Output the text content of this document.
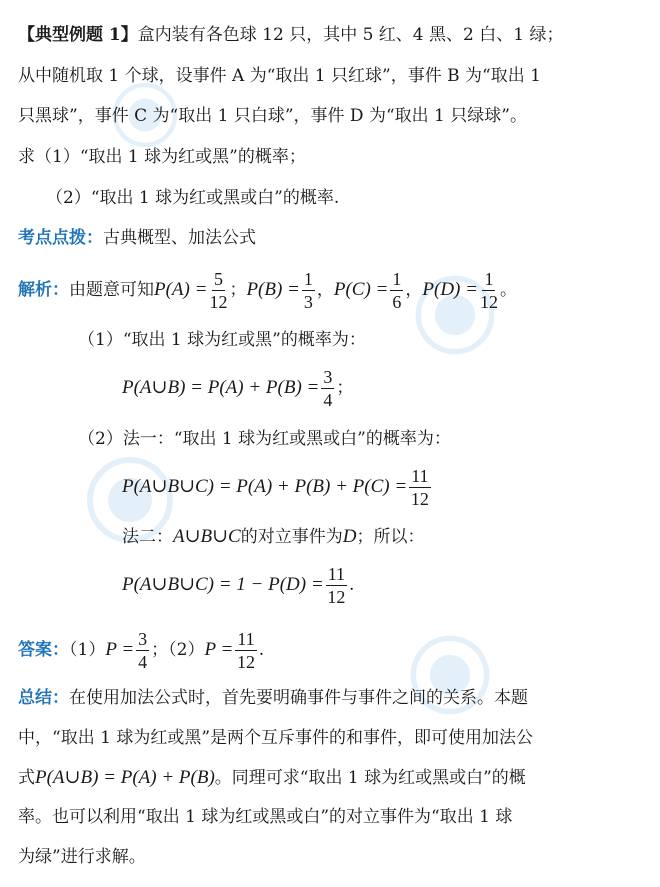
【典型例题 1】盒内装有各色球 12 只，其中 5 红、4 黑、2 白、1 绿；
从中随机取 1 个球，设事件 A 为“取出 1 只红球”，事件 B 为“取出 1
只黑球”，事件 C 为“取出 1 只白球”，事件 D 为“取出 1 只绿球”。
求（1）“取出 1 球为红或黑”的概率；
（2）“取出 1 球为红或黑或白”的概率.
考点点拨：古典概型、加法公式
解析：由题意可知$P(A) = \frac{5}{12}$ ；$P(B) = \frac{1}{3}$ ，$P(C) = \frac{1}{6}$ ，$P(D) = \frac{1}{12}$ 。
（1）“取出 1 球为红或黑”的概率为：
P(A∪B) = $P(A) + P(B) = \frac{3}{4}$ ；
（2）法一：“取出 1 球为红或黑或白”的概率为：
P(A∪B∪C) = $P(A) + P(B) + P(C) = \frac{11}{12}$
法二：A∪B∪C的对立事件为D；所以：
P(A∪B∪C) = $1 - P(D) = \frac{11}{12}$ .
答案：$(1)P = \frac{3}{4}$ ；$(2)P = \frac{11}{12}$ .
总结：在使用加法公式时，首先要明确事件与事件之间的关系。本题
中，“取出 1 球为红或黑”是两个互斥事件的和事件，即可使用加法公
式P(A∪B) = P(A) + P(B)。同理可求“取出 1 球为红或黑或白”的概
率。也可以利用“取出 1 球为红或黑或白”的对立事件为“取出 1 球
为绿”进行求解。
